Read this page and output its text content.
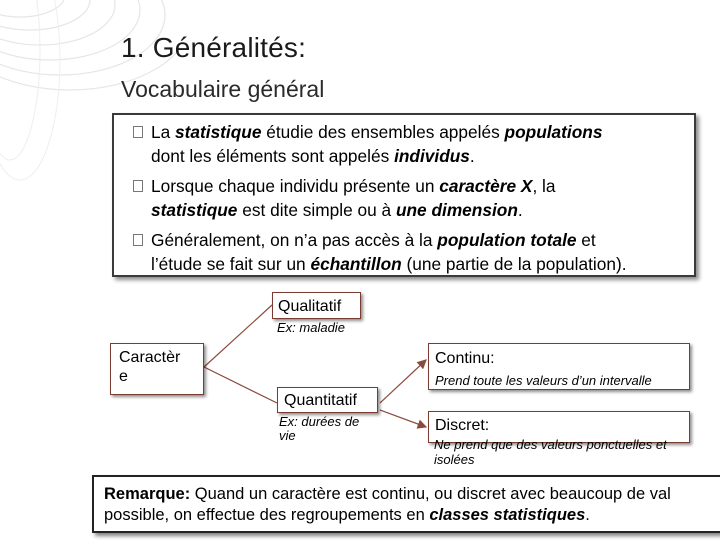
1. Généralités:
Vocabulaire général
La statistique étudie des ensembles appelés populations
dont les éléments sont appelés individus.
Lorsque chaque individu présente un caractère X, la
statistique est dite simple ou à une dimension.
Généralement, on n’a pas accès à la population totale et
l’étude se fait sur un échantillon (une partie de la population).
Caractèr
e
Qualitatif
Ex: maladie
Quantitatif
Ex: durées de
vie
Continu:
Prend toute les valeurs d’un intervalle
Discret:
Ne prend que des valeurs ponctuelles et
isolées
Remarque: Quand un caractère est continu, ou discret avec beaucoup de val
possible, on effectue des regroupements en classes statistiques.
